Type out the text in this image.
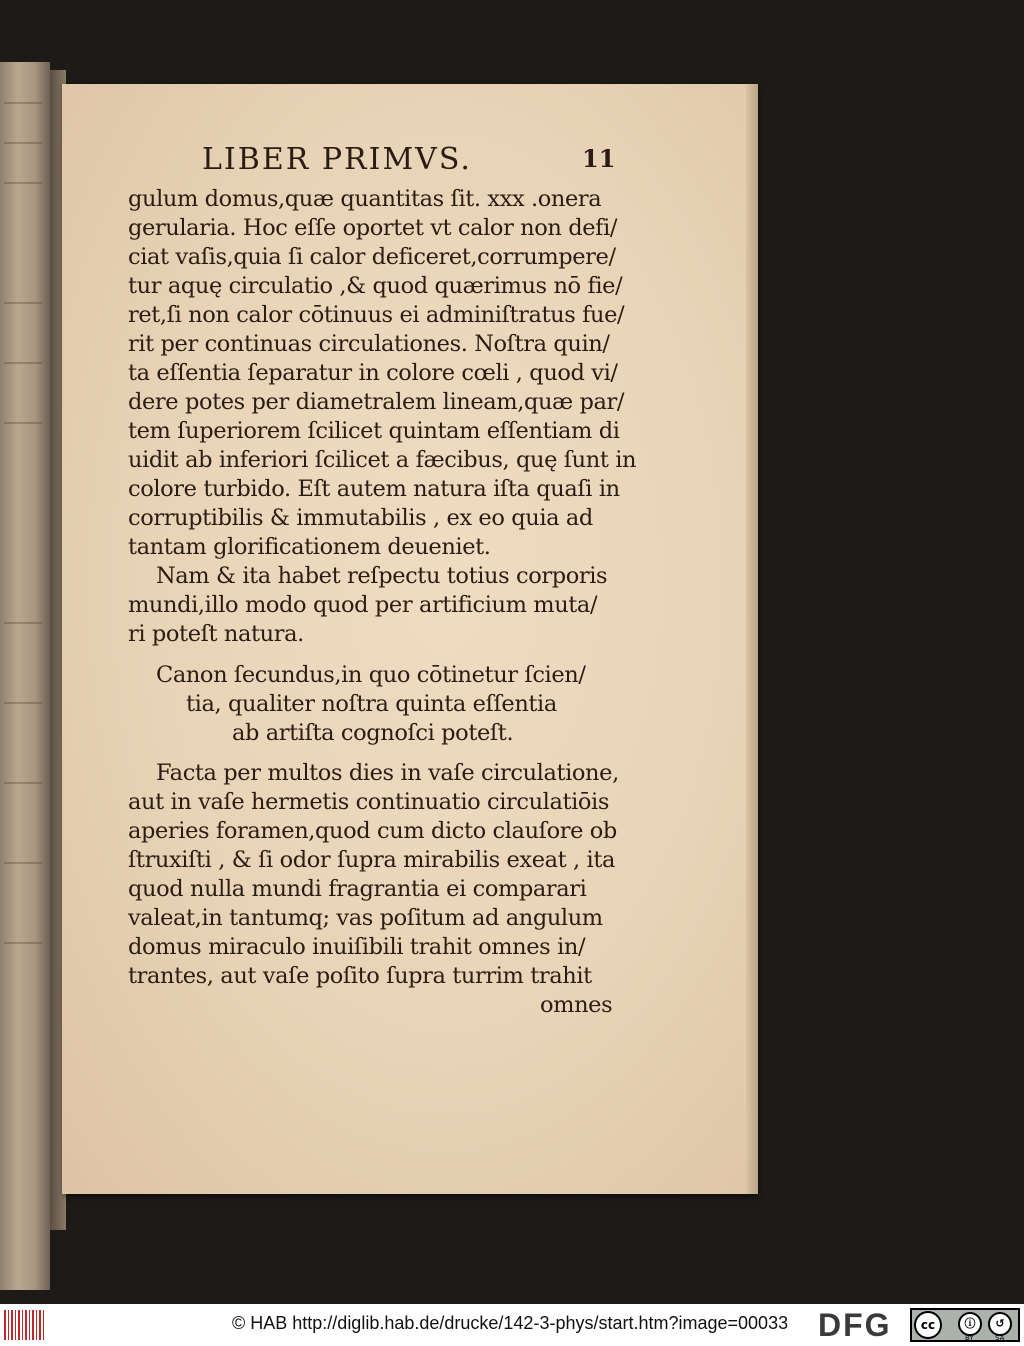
LIBER PRIMVS.	11
gulum domus,quæ quantitas ſit. xxx .onera
gerularia. Hoc eſſe oportet vt calor non defi/
ciat vaſis,quia ſi calor deficeret,corrumpere/
tur aquę circulatio ,& quod quærimus nō fie/
ret,ſi non calor cōtinuus ei adminiſtratus fue/
rit per continuas circulationes. Noſtra quin/
ta eſſentia ſeparatur in colore cœli , quod vi/
dere potes per diametralem lineam,quæ par/
tem ſuperiorem ſcilicet quintam eſſentiam di
uidit ab inferiori ſcilicet a fæcibus, quę ſunt in
colore turbido. Eſt autem natura iſta quaſi in
corruptibilis & immutabilis , ex eo quia ad
tantam glorificationem deueniet.
Nam & ita habet reſpectu totius corporis
mundi,illo modo quod per artificium muta/
ri poteſt natura.
Canon ſecundus,in quo cōtinetur ſcien/
tia, qualiter noſtra quinta eſſentia
ab artiſta cognoſci poteſt.
Facta per multos dies in vaſe circulatione,
aut in vaſe hermetis continuatio circulatiōis
aperies foramen,quod cum dicto clauſore ob
ſtruxiſti , & ſi odor ſupra mirabilis exeat , ita
quod nulla mundi fragrantia ei comparari
valeat,in tantumq; vas poſitum ad angulum
domus miraculo inuiſibili trahit omnes in/
trantes, aut vaſe poſito ſupra turrim trahit
omnes
© HAB http://diglib.hab.de/drucke/142-3-phys/start.htm?image=00033 DFG	cc	ⓘ	↺
BY	SA
